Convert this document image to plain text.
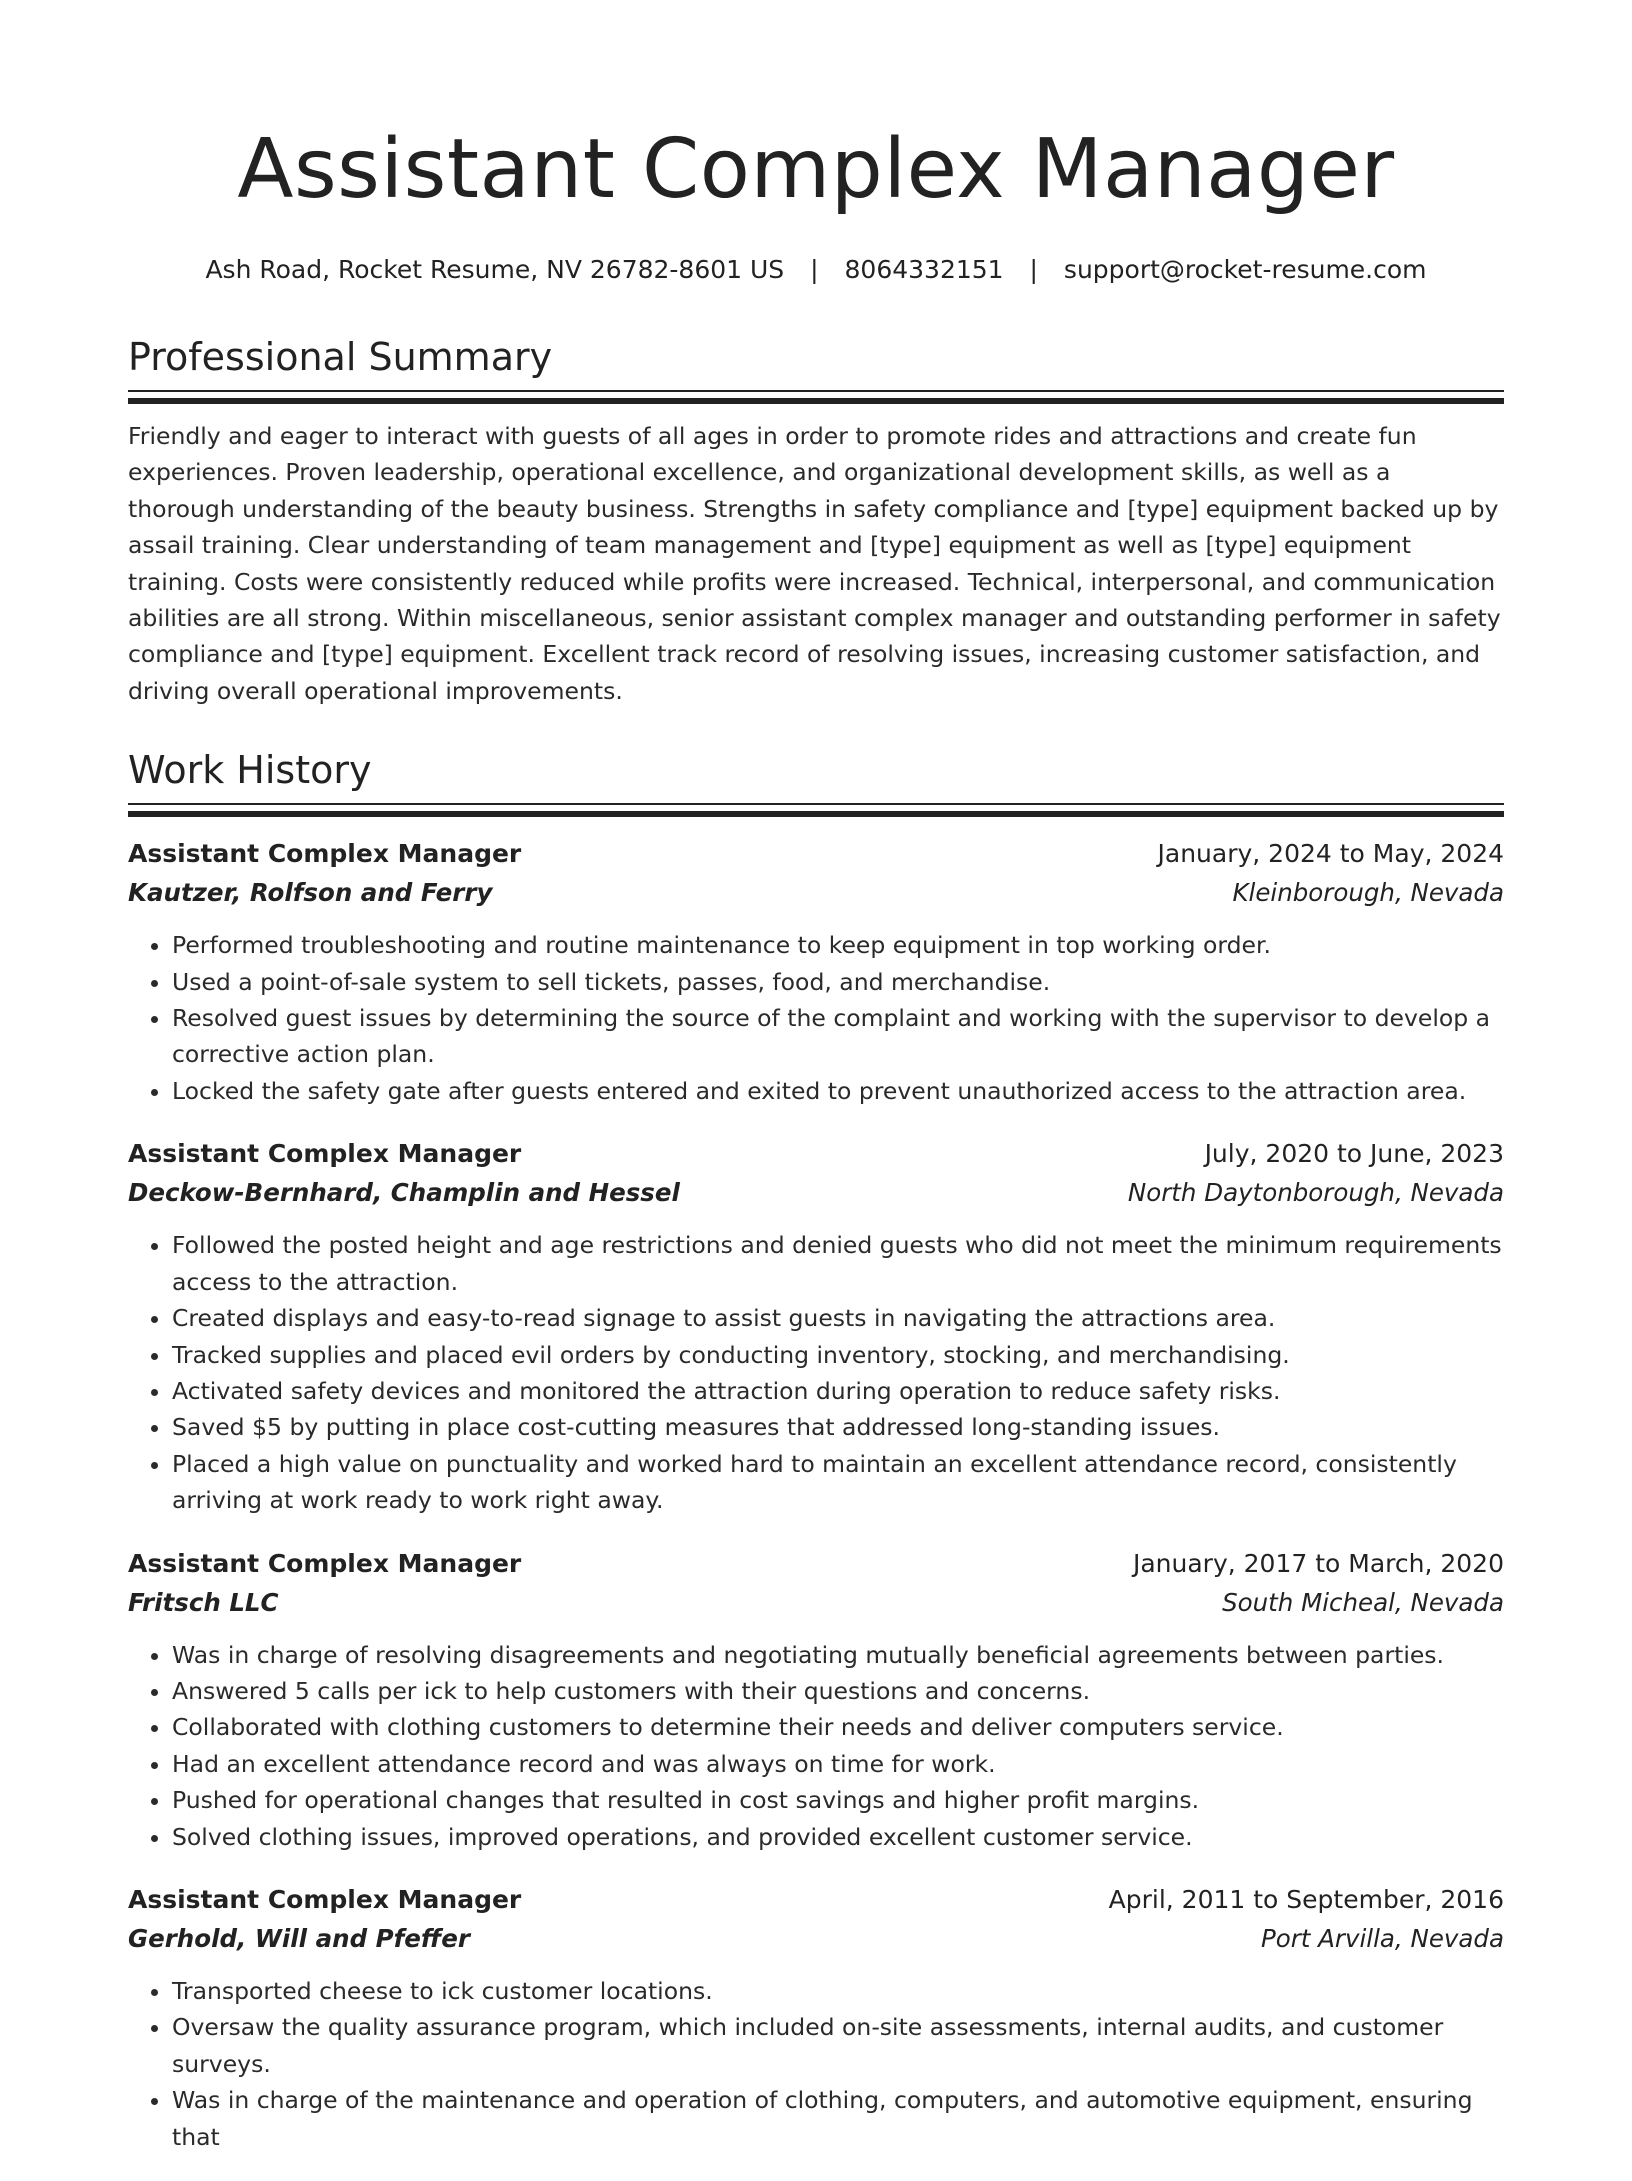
Assistant Complex Manager
Ash Road, Rocket Resume, NV 26782-8601 US | 8064332151 | support@rocket-resume.com
Professional Summary

Friendly and eager to interact with guests of all ages in order to promote rides and attractions and create fun experiences. Proven leadership, operational excellence, and organizational development skills, as well as a thorough understanding of the beauty business. Strengths in safety compliance and [type] equipment backed up by assail training. Clear understanding of team management and [type] equipment as well as [type] equipment training. Costs were consistently reduced while profits were increased. Technical, interpersonal, and communication abilities are all strong. Within miscellaneous, senior assistant complex manager and outstanding performer in safety compliance and [type] equipment. Excellent track record of resolving issues, increasing customer satisfaction, and driving overall operational improvements.

Work History
Assistant Complex Manager	January, 2024 to May, 2024
Kautzer, Rolfson and Ferry	Kleinborough, Nevada
• Performed troubleshooting and routine maintenance to keep equipment in top working order.
• Used a point-of-sale system to sell tickets, passes, food, and merchandise.
• Resolved guest issues by determining the source of the complaint and working with the supervisor to develop a corrective action plan.
• Locked the safety gate after guests entered and exited to prevent unauthorized access to the attraction area.
Assistant Complex Manager	July, 2020 to June, 2023
Deckow-Bernhard, Champlin and Hessel	North Daytonborough, Nevada
• Followed the posted height and age restrictions and denied guests who did not meet the minimum requirements access to the attraction.
• Created displays and easy-to-read signage to assist guests in navigating the attractions area.
• Tracked supplies and placed evil orders by conducting inventory, stocking, and merchandising.
• Activated safety devices and monitored the attraction during operation to reduce safety risks.
• Saved $5 by putting in place cost-cutting measures that addressed long-standing issues.
• Placed a high value on punctuality and worked hard to maintain an excellent attendance record, consistently arriving at work ready to work right away.
Assistant Complex Manager	January, 2017 to March, 2020
Fritsch LLC	South Micheal, Nevada
• Was in charge of resolving disagreements and negotiating mutually beneficial agreements between parties.
• Answered 5 calls per ick to help customers with their questions and concerns.
• Collaborated with clothing customers to determine their needs and deliver computers service.
• Had an excellent attendance record and was always on time for work.
• Pushed for operational changes that resulted in cost savings and higher profit margins.
• Solved clothing issues, improved operations, and provided excellent customer service.
Assistant Complex Manager	April, 2011 to September, 2016
Gerhold, Will and Pfeffer	Port Arvilla, Nevada
• Transported cheese to ick customer locations.
• Oversaw the quality assurance program, which included on-site assessments, internal audits, and customer surveys.
• Was in charge of the maintenance and operation of clothing, computers, and automotive equipment, ensuring that
